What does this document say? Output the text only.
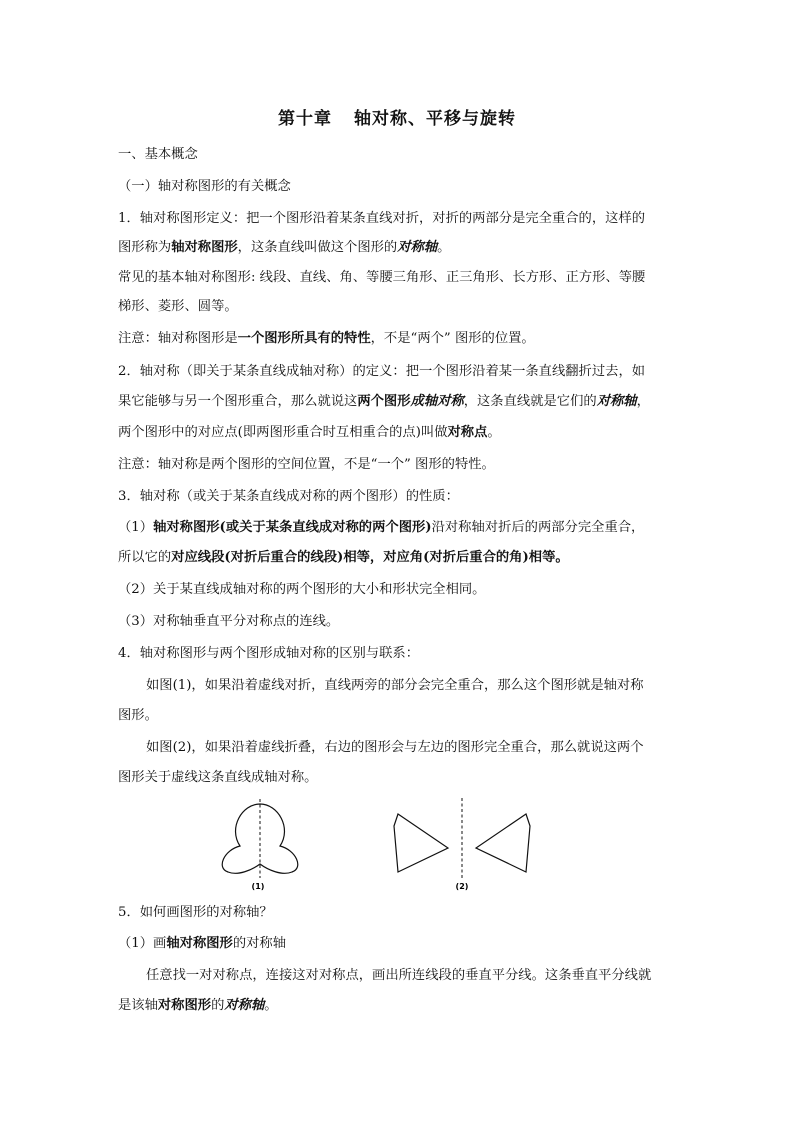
第十章 轴对称、平移与旋转
一、基本概念
（一）轴对称图形的有关概念
1．轴对称图形定义：把一个图形沿着某条直线对折，对折的两部分是完全重合的，这样的
图形称为轴对称图形，这条直线叫做这个图形的对称轴。
常见的基本轴对称图形: 线段、直线、角、等腰三角形、正三角形、长方形、正方形、等腰
梯形、菱形、圆等。
注意：轴对称图形是一个图形所具有的特性，不是“两个” 图形的位置。
2．轴对称（即关于某条直线成轴对称）的定义：把一个图形沿着某一条直线翻折过去，如
果它能够与另一个图形重合，那么就说这两个图形成轴对称，这条直线就是它们的对称轴，
两个图形中的对应点(即两图形重合时互相重合的点)叫做对称点。
注意：轴对称是两个图形的空间位置，不是“一个” 图形的特性。
3．轴对称（或关于某条直线成对称的两个图形）的性质：
（1）轴对称图形(或关于某条直线成对称的两个图形)沿对称轴对折后的两部分完全重合，
所以它的对应线段(对折后重合的线段)相等，对应角(对折后重合的角)相等。
（2）关于某直线成轴对称的两个图形的大小和形状完全相同。
（3）对称轴垂直平分对称点的连线。
4．轴对称图形与两个图形成轴对称的区别与联系：
如图(1)，如果沿着虚线对折，直线两旁的部分会完全重合，那么这个图形就是轴对称
图形。
如图(2)，如果沿着虚线折叠，右边的图形会与左边的图形完全重合，那么就说这两个
图形关于虚线这条直线成轴对称。
(1)	(2)
5．如何画图形的对称轴？
（1）画轴对称图形的对称轴
任意找一对对称点，连接这对对称点，画出所连线段的垂直平分线。这条垂直平分线就
是该轴对称图形的对称轴。
